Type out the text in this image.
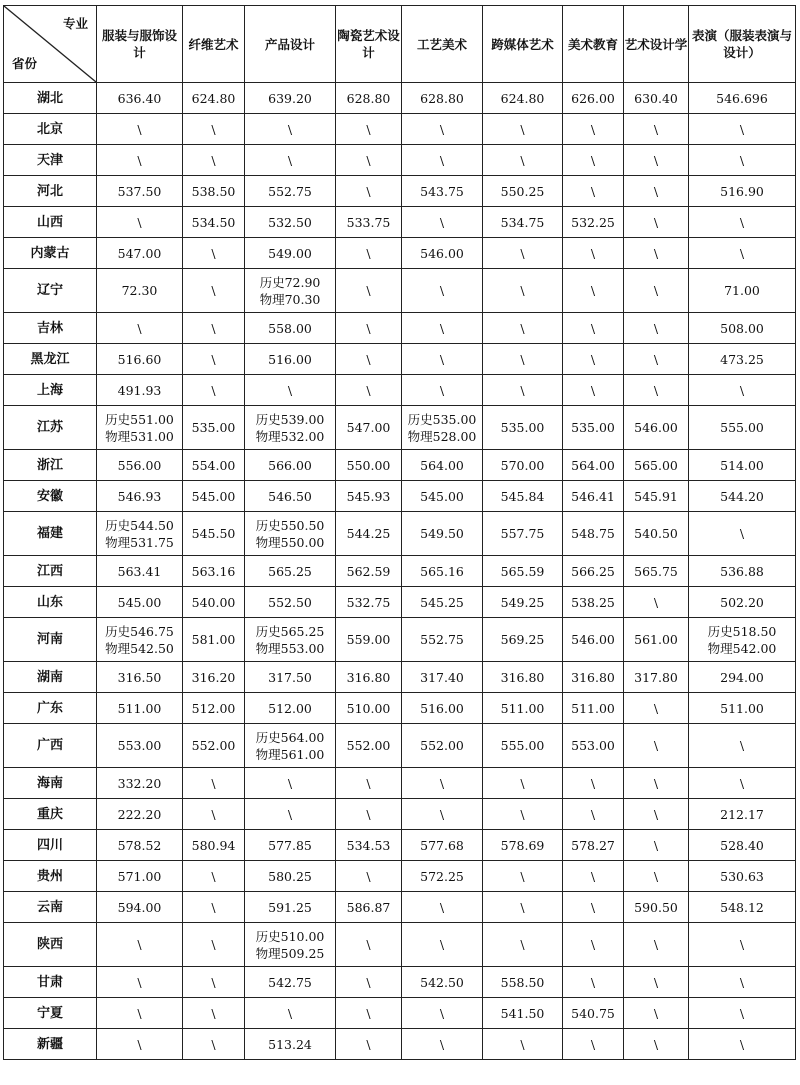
专业
省份	服装与服饰设计	纤维艺术	产品设计	陶瓷艺术设计	工艺美术	跨媒体艺术	美术教育	艺术设计学	表演（服装表演与设计）
湖北	636.40	624.80	639.20	628.80	628.80	624.80	626.00	630.40	546.696

北京	\	\	\	\	\	\	\	\	\

天津	\	\	\	\	\	\	\	\	\

河北	537.50	538.50	552.75	\	543.75	550.25	\	\	516.90

山西	\	534.50	532.50	533.75	\	534.75	532.25	\	\

内蒙古	547.00	\	549.00	\	546.00	\	\	\	\

辽宁	72.30	\	历史72.90
物理70.30	\	\	\	\	\	71.00

吉林	\	\	558.00	\	\	\	\	\	508.00

黑龙江	516.60	\	516.00	\	\	\	\	\	473.25

上海	491.93	\	\	\	\	\	\	\	\

江苏	历史551.00
物理531.00	535.00	历史539.00
物理532.00	547.00	历史535.00
物理528.00	535.00	535.00	546.00	555.00

浙江	556.00	554.00	566.00	550.00	564.00	570.00	564.00	565.00	514.00

安徽	546.93	545.00	546.50	545.93	545.00	545.84	546.41	545.91	544.20

福建	历史544.50
物理531.75	545.50	历史550.50
物理550.00	544.25	549.50	557.75	548.75	540.50	\

江西	563.41	563.16	565.25	562.59	565.16	565.59	566.25	565.75	536.88

山东	545.00	540.00	552.50	532.75	545.25	549.25	538.25	\	502.20

河南	历史546.75
物理542.50	581.00	历史565.25
物理553.00	559.00	552.75	569.25	546.00	561.00	历史518.50
物理542.00

湖南	316.50	316.20	317.50	316.80	317.40	316.80	316.80	317.80	294.00

广东	511.00	512.00	512.00	510.00	516.00	511.00	511.00	\	511.00

广西	553.00	552.00	历史564.00
物理561.00	552.00	552.00	555.00	553.00	\	\

海南	332.20	\	\	\	\	\	\	\	\

重庆	222.20	\	\	\	\	\	\	\	212.17

四川	578.52	580.94	577.85	534.53	577.68	578.69	578.27	\	528.40

贵州	571.00	\	580.25	\	572.25	\	\	\	530.63

云南	594.00	\	591.25	586.87	\	\	\	590.50	548.12

陕西	\	\	历史510.00
物理509.25	\	\	\	\	\	\

甘肃	\	\	542.75	\	542.50	558.50	\	\	\

宁夏	\	\	\	\	\	541.50	540.75	\	\

新疆	\	\	513.24	\	\	\	\	\	\
